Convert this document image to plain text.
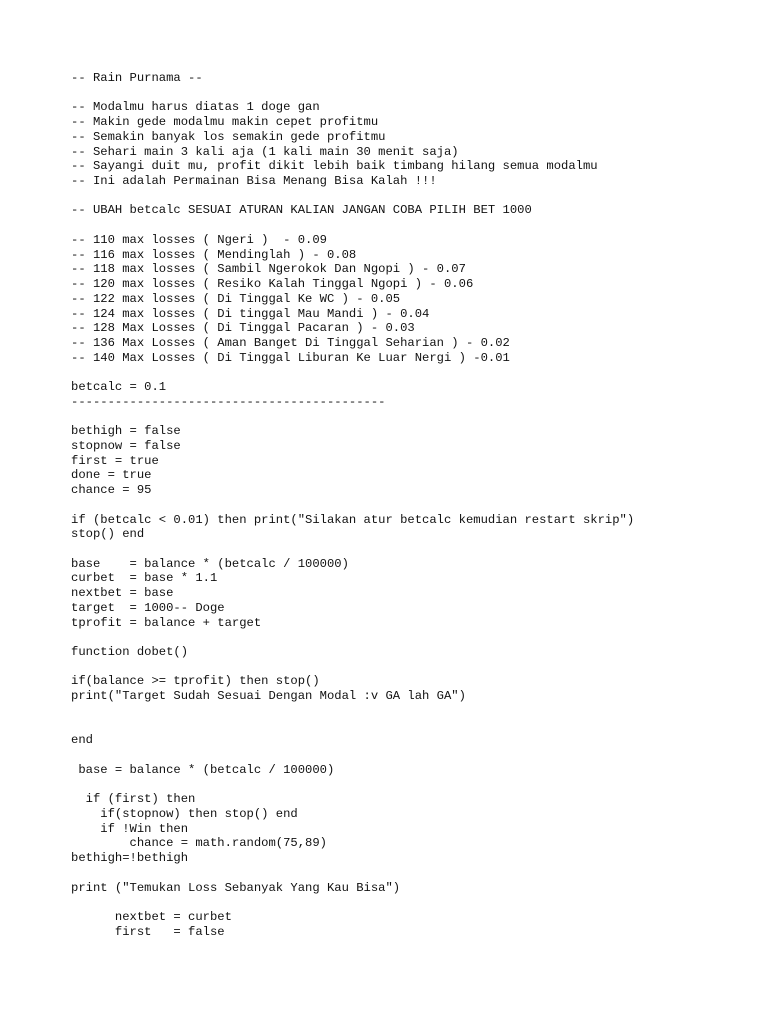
-- Rain Purnama --
-- Modalmu harus diatas 1 doge gan
-- Makin gede modalmu makin cepet profitmu
-- Semakin banyak los semakin gede profitmu
-- Sehari main 3 kali aja (1 kali main 30 menit saja)
-- Sayangi duit mu, profit dikit lebih baik timbang hilang semua modalmu
-- Ini adalah Permainan Bisa Menang Bisa Kalah !!!
-- UBAH betcalc SESUAI ATURAN KALIAN JANGAN COBA PILIH BET 1000
-- 110 max losses ( Ngeri )  - 0.09
-- 116 max losses ( Mendinglah ) - 0.08
-- 118 max losses ( Sambil Ngerokok Dan Ngopi ) - 0.07
-- 120 max losses ( Resiko Kalah Tinggal Ngopi ) - 0.06
-- 122 max losses ( Di Tinggal Ke WC ) - 0.05
-- 124 max losses ( Di tinggal Mau Mandi ) - 0.04
-- 128 Max Losses ( Di Tinggal Pacaran ) - 0.03
-- 136 Max Losses ( Aman Banget Di Tinggal Seharian ) - 0.02
-- 140 Max Losses ( Di Tinggal Liburan Ke Luar Nergi ) -0.01
betcalc = 0.1
-------------------------------------------
bethigh = false
stopnow = false
first = true
done = true
chance = 95
if (betcalc < 0.01) then print("Silakan atur betcalc kemudian restart skrip")
stop() end
base    = balance * (betcalc / 100000)
curbet  = base * 1.1
nextbet = base
target  = 1000-- Doge
tprofit = balance + target
function dobet()
if(balance >= tprofit) then stop()
print("Target Sudah Sesuai Dengan Modal :v GA lah GA")
end
base = balance * (betcalc / 100000)
if (first) then
if(stopnow) then stop() end
if !Win then
chance = math.random(75,89)
bethigh=!bethigh
print ("Temukan Loss Sebanyak Yang Kau Bisa")
nextbet = curbet
first   = false
